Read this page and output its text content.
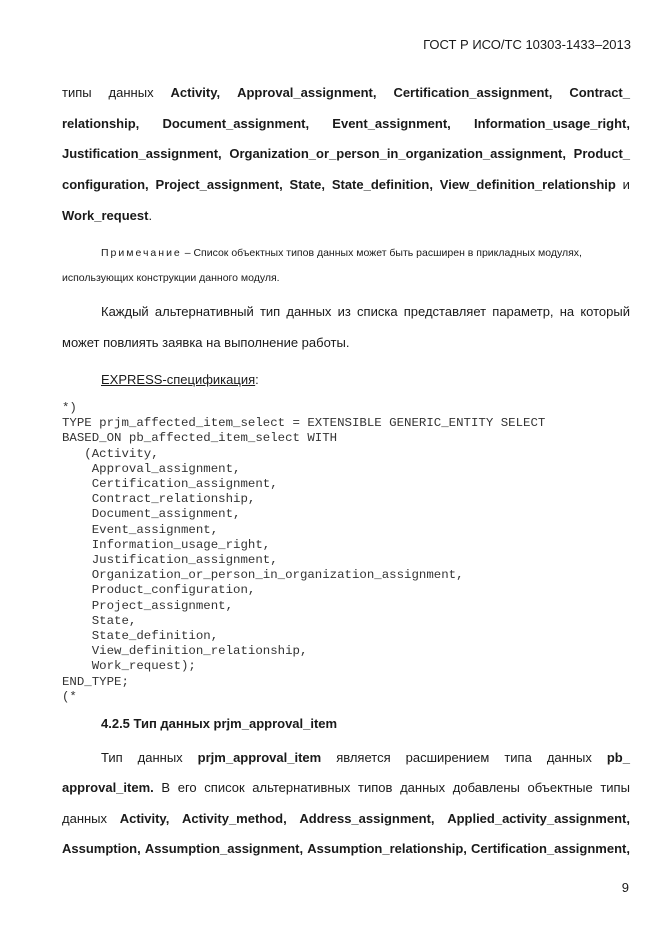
ГОСТ Р ИСО/ТС 10303-1433–2013
типы данных Activity, Approval_assignment, Certification_assignment, Contract_
relationship, Document_assignment, Event_assignment, Information_usage_right,
Justification_assignment, Organization_or_person_in_organization_assignment, Product_
configuration, Project_assignment, State, State_definition, View_definition_relationship и
Work_request.
Примечание – Список объектных типов данных может быть расширен в прикладных модулях,
использующих конструкции данного модуля.
Каждый альтернативный тип данных из списка представляет параметр, на который
может повлиять заявка на выполнение работы.
EXPRESS-спецификация:
*)
TYPE prjm_affected_item_select = EXTENSIBLE GENERIC_ENTITY SELECT
BASED_ON pb_affected_item_select WITH
(Activity,
Approval_assignment,
Certification_assignment,
Contract_relationship,
Document_assignment,
Event_assignment,
Information_usage_right,
Justification_assignment,
Organization_or_person_in_organization_assignment,
Product_configuration,
Project_assignment,
State,
State_definition,
View_definition_relationship,
Work_request);
END_TYPE;
(*
4.2.5 Тип данных prjm_approval_item
Тип данных prjm_approval_item является расширением типа данных pb_
approval_item. В его список альтернативных типов данных добавлены объектные типы
данных Activity, Activity_method, Address_assignment, Applied_activity_assignment,
Assumption, Assumption_assignment, Assumption_relationship, Certification_assignment,
9
